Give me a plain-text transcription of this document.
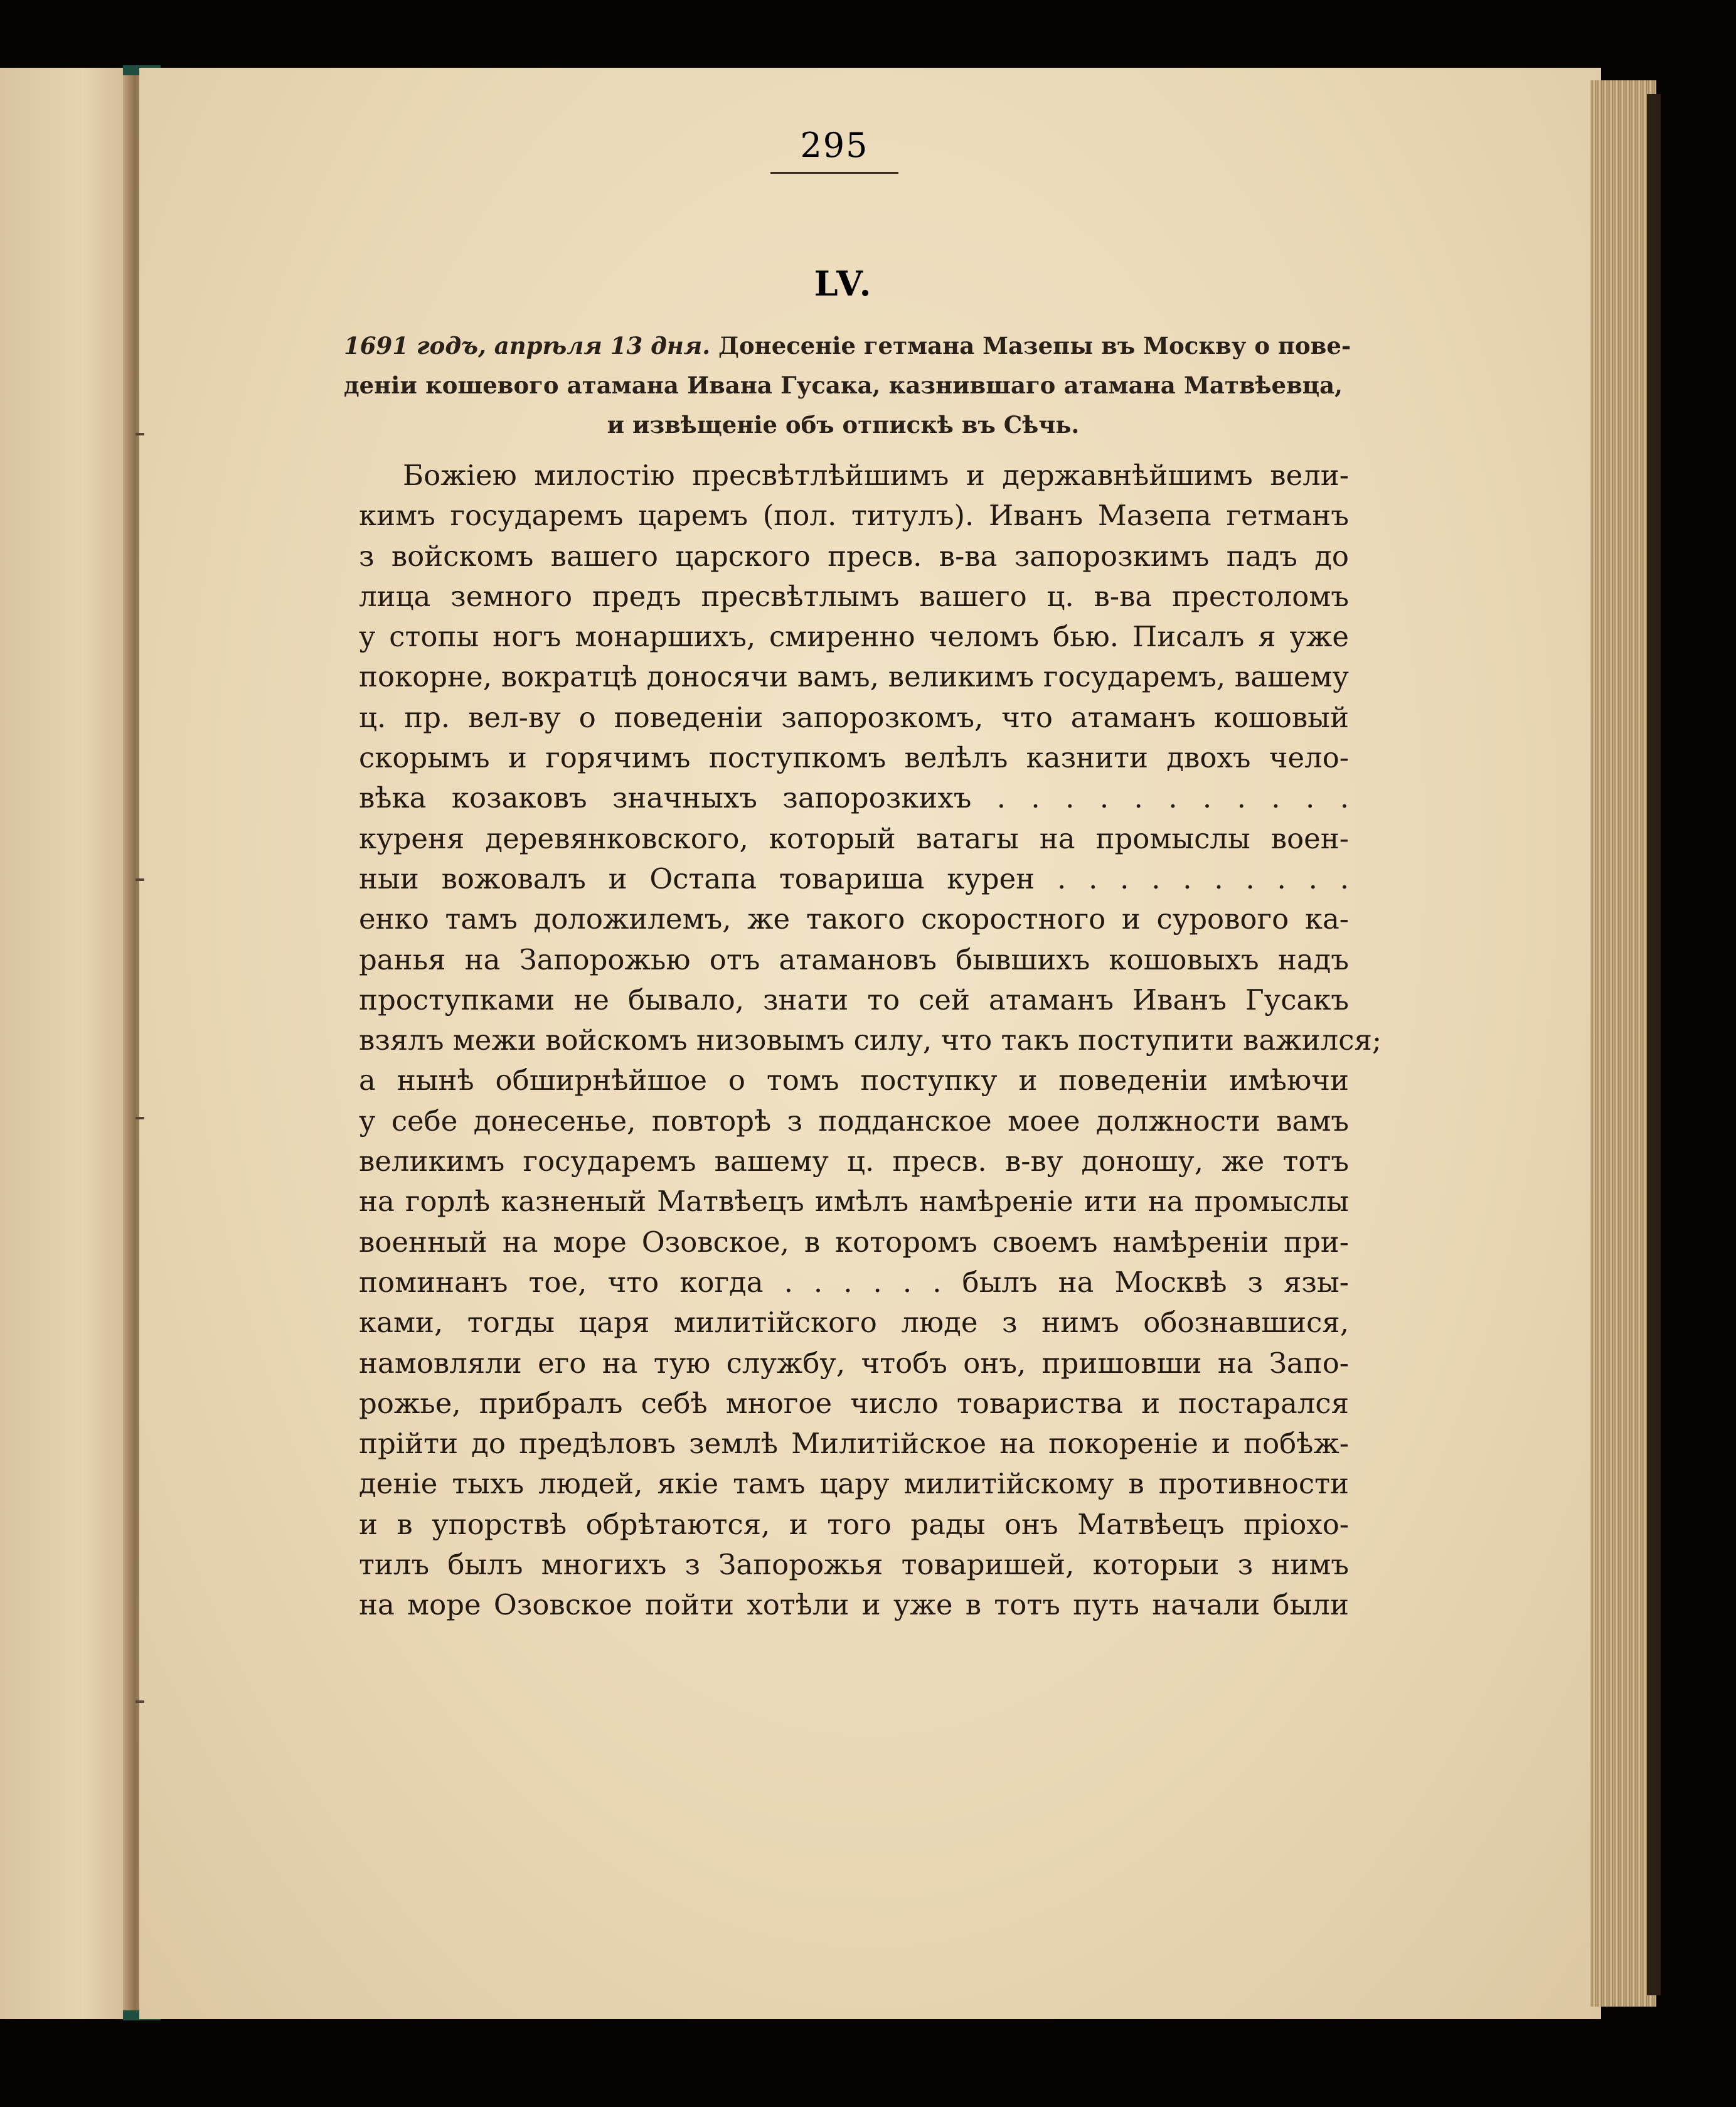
295
LV.
1691 годъ, апрѣля 13 дня. Донесеніе гетмана Мазепы въ Москву о пове-
деніи кошевого атамана Ивана Гусака, казнившаго атамана Матвѣевца,
и извѣщеніе объ отпискѣ въ Сѣчь.
Божіею милостію пресвѣтлѣйшимъ и державнѣйшимъ вели-
кимъ государемъ царемъ (пол. титулъ). Иванъ Мазепа гетманъ
з войскомъ вашего царского пресв. в-ва запорозкимъ падъ до
лица земного предъ пресвѣтлымъ вашего ц. в-ва престоломъ
у стопы ногъ монаршихъ, смиренно челомъ бью. Писалъ я уже
покорне, вократцѣ доносячи вамъ, великимъ государемъ, вашему
ц. пр. вел-ву о поведеніи запорозкомъ, что атаманъ кошовый
скорымъ и горячимъ поступкомъ велѣлъ казнити двохъ чело-
вѣка козаковъ значныхъ запорозкихъ . . . . . . . . . . .
куреня деревянковского, который ватагы на промыслы воен-
ныи вожовалъ и Остапа товариша курен . . . . . . . . . .
енко тамъ доложилемъ, же такого скоростного и сурового ка-
ранья на Запорожью отъ атамановъ бывшихъ кошовыхъ надъ
проступками не бывало, знати то сей атаманъ Иванъ Гусакъ
взялъ межи войскомъ низовымъ силу, что такъ поступити важился;
а нынѣ обширнѣйшое о томъ поступку и поведеніи имѣючи
у себе донесенье, повторѣ з подданское моее должности вамъ
великимъ государемъ вашему ц. пресв. в-ву доношу, же тотъ
на горлѣ казненый Матвѣецъ имѣлъ намѣреніе ити на промыслы
военный на море Озовское, в которомъ своемъ намѣреніи при-
поминанъ тое, что когда . . . . . . былъ на Москвѣ з язы-
ками, тогды царя милитійского люде з нимъ обознавшися,
намовляли его на тую службу, чтобъ онъ, пришовши на Запо-
рожье, прибралъ себѣ многое число товариства и постарался
прійти до предѣловъ землѣ Милитійское на покореніе и побѣж-
деніе тыхъ людей, якіе тамъ цару милитійскому в противности
и в упорствѣ обрѣтаются, и того рады онъ Матвѣецъ пріохо-
тилъ былъ многихъ з Запорожья товаришей, которыи з нимъ
на море Озовское пойти хотѣли и уже в тотъ путь начали были
